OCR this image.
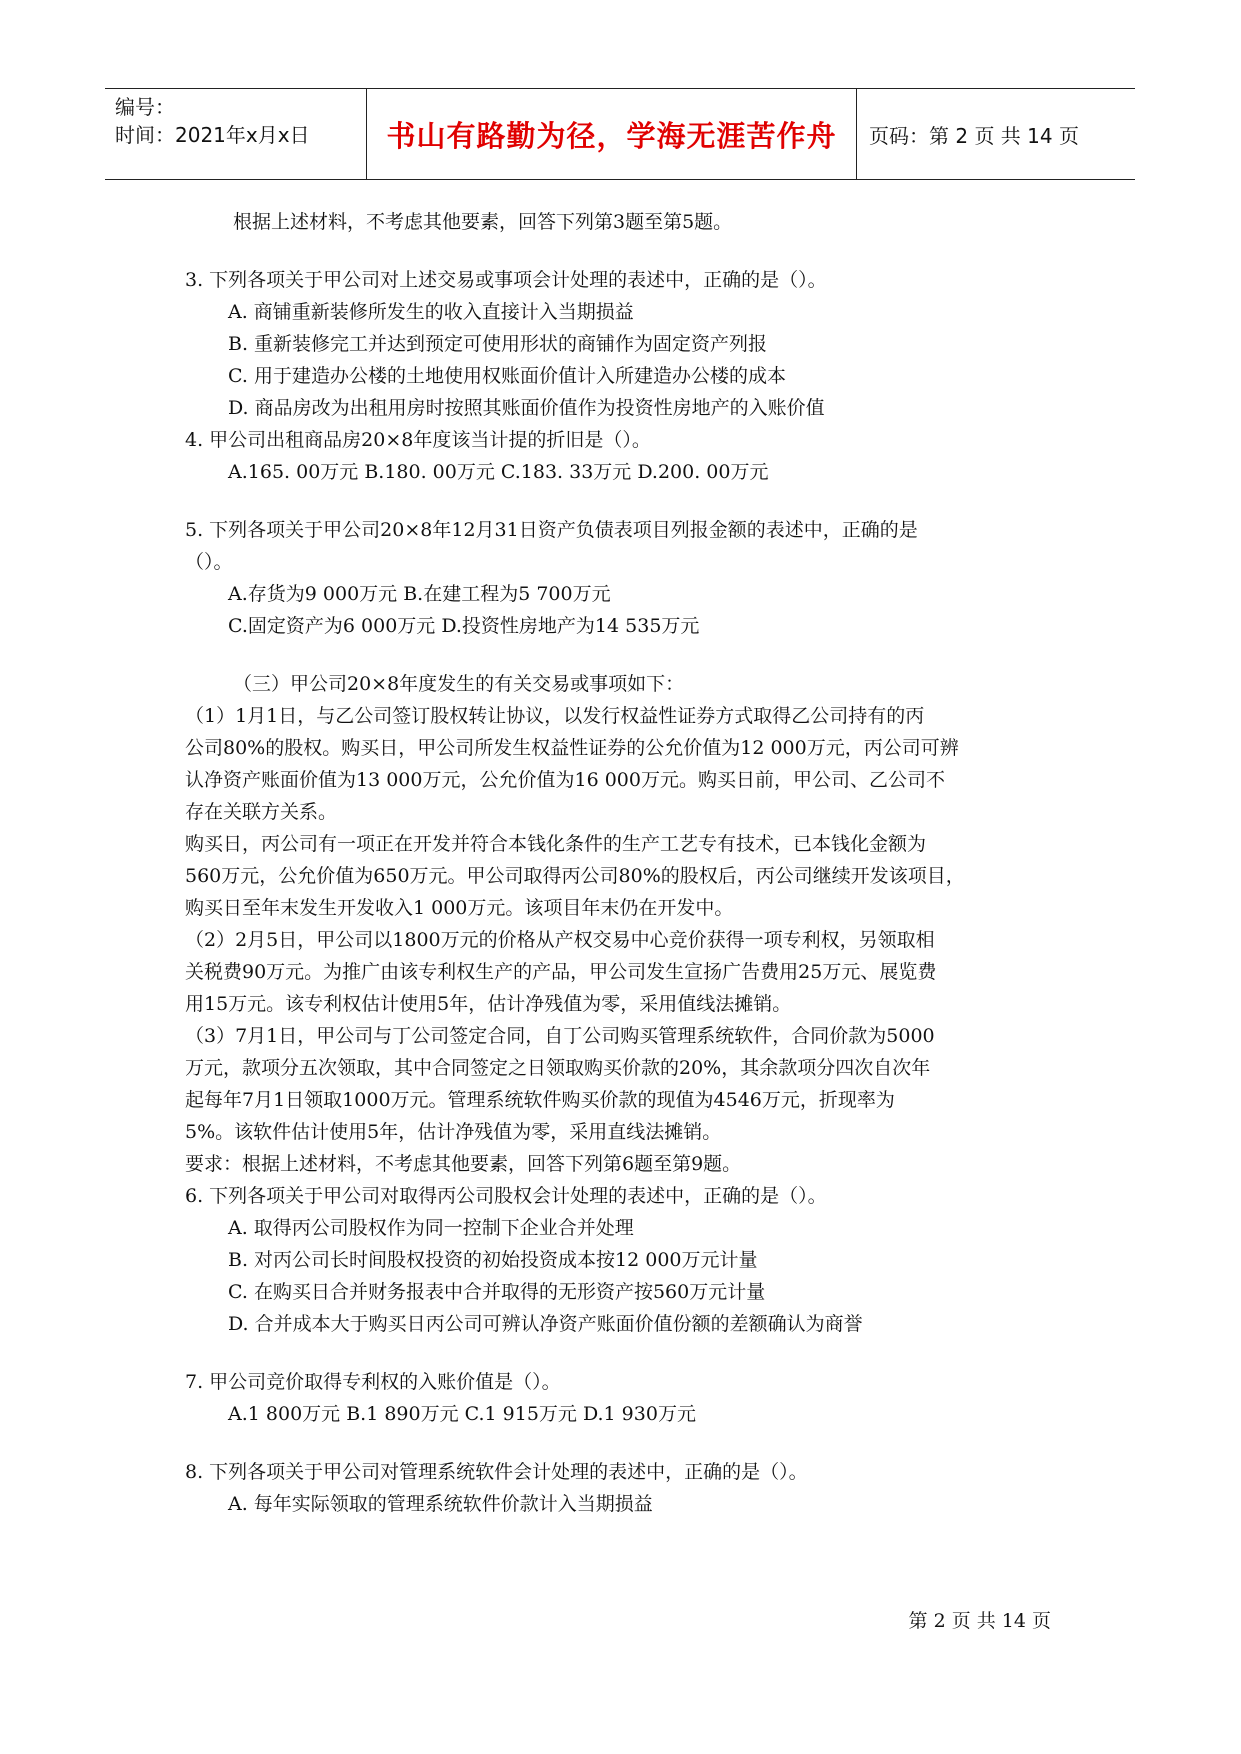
编号：
时间：2021年x月x日	书山有路勤为径，学海无涯苦作舟	页码：第 2 页 共 14 页
根据上述材料，不考虑其他要素，回答下列第3题至第5题。
3. 下列各项关于甲公司对上述交易或事项会计处理的表述中，正确的是（）。
A. 商铺重新装修所发生的收入直接计入当期损益
B. 重新装修完工并达到预定可使用形状的商铺作为固定资产列报
C. 用于建造办公楼的土地使用权账面价值计入所建造办公楼的成本
D. 商品房改为出租用房时按照其账面价值作为投资性房地产的入账价值
4. 甲公司出租商品房20×8年度该当计提的折旧是（）。
A.165. 00万元 B.180. 00万元 C.183. 33万元 D.200. 00万元
5. 下列各项关于甲公司20×8年12月31日资产负债表项目列报金额的表述中，正确的是
（）。
A.存货为9 000万元 B.在建工程为5 700万元
C.固定资产为6 000万元 D.投资性房地产为14 535万元
（三）甲公司20×8年度发生的有关交易或事项如下：
（1）1月1日，与乙公司签订股权转让协议，以发行权益性证券方式取得乙公司持有的丙
公司80%的股权。购买日，甲公司所发生权益性证券的公允价值为12 000万元，丙公司可辨
认净资产账面价值为13 000万元，公允价值为16 000万元。购买日前，甲公司、乙公司不
存在关联方关系。
购买日，丙公司有一项正在开发并符合本钱化条件的生产工艺专有技术，已本钱化金额为
560万元，公允价值为650万元。甲公司取得丙公司80%的股权后，丙公司继续开发该项目，
购买日至年末发生开发收入1 000万元。该项目年末仍在开发中。
（2）2月5日，甲公司以1800万元的价格从产权交易中心竞价获得一项专利权，另领取相
关税费90万元。为推广由该专利权生产的产品，甲公司发生宣扬广告费用25万元、展览费
用15万元。该专利权估计使用5年，估计净残值为零，采用值线法摊销。
（3）7月1日，甲公司与丁公司签定合同，自丁公司购买管理系统软件，合同价款为5000
万元，款项分五次领取，其中合同签定之日领取购买价款的20%，其余款项分四次自次年
起每年7月1日领取1000万元。管理系统软件购买价款的现值为4546万元，折现率为
5%。该软件估计使用5年，估计净残值为零，采用直线法摊销。
要求：根据上述材料，不考虑其他要素，回答下列第6题至第9题。
6. 下列各项关于甲公司对取得丙公司股权会计处理的表述中，正确的是（）。
A. 取得丙公司股权作为同一控制下企业合并处理
B. 对丙公司长时间股权投资的初始投资成本按12 000万元计量
C. 在购买日合并财务报表中合并取得的无形资产按560万元计量
D. 合并成本大于购买日丙公司可辨认净资产账面价值份额的差额确认为商誉
7. 甲公司竞价取得专利权的入账价值是（）。
A.1 800万元 B.1 890万元 C.1 915万元 D.1 930万元
8. 下列各项关于甲公司对管理系统软件会计处理的表述中，正确的是（）。
A. 每年实际领取的管理系统软件价款计入当期损益
第 2 页 共 14 页
